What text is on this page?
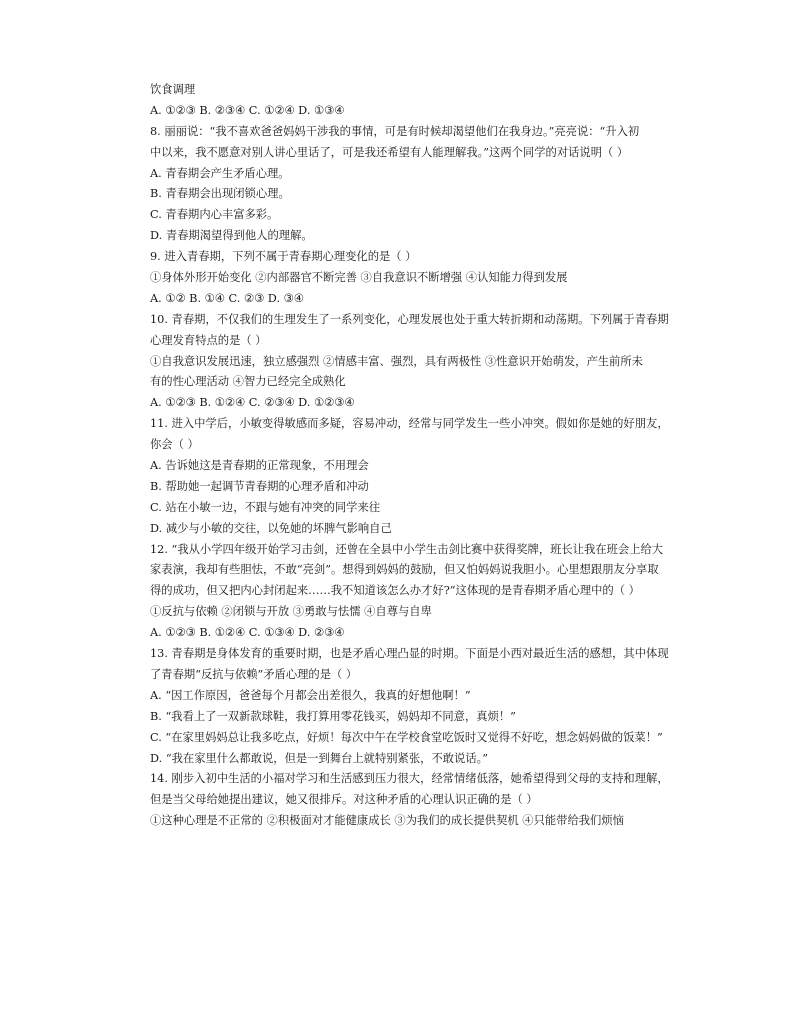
饮食调理
A. ①②③ B. ②③④ C. ①②④ D. ①③④
8. 丽丽说：“我不喜欢爸爸妈妈干涉我的事情，可是有时候却渴望他们在我身边。”亮亮说：“升入初
中以来，我不愿意对别人讲心里话了，可是我还希望有人能理解我。”这两个同学的对话说明（ ）
A. 青春期会产生矛盾心理。
B. 青春期会出现闭锁心理。
C. 青春期内心丰富多彩。
D. 青春期渴望得到他人的理解。
9. 进入青春期，下列不属于青春期心理变化的是（ ）
①身体外形开始变化 ②内部器官不断完善 ③自我意识不断增强 ④认知能力得到发展
A. ①② B. ①④ C. ②③ D. ③④
10. 青春期，不仅我们的生理发生了一系列变化，心理发展也处于重大转折期和动荡期。下列属于青春期
心理发育特点的是（ ）
①自我意识发展迅速，独立感强烈 ②情感丰富、强烈，具有两极性 ③性意识开始萌发，产生前所未
有的性心理活动 ④智力已经完全成熟化
A. ①②③ B. ①②④ C. ②③④ D. ①②③④
11. 进入中学后，小敏变得敏感而多疑，容易冲动，经常与同学发生一些小冲突。假如你是她的好朋友，
你会（ ）
A. 告诉她这是青春期的正常现象，不用理会
B. 帮助她一起调节青春期的心理矛盾和冲动
C. 站在小敏一边，不跟与她有冲突的同学来往
D. 减少与小敏的交往，以免她的坏脾气影响自己
12. “我从小学四年级开始学习击剑，还曾在全县中小学生击剑比赛中获得奖牌，班长让我在班会上给大
家表演，我却有些胆怯，不敢“亮剑”。想得到妈妈的鼓励，但又怕妈妈说我胆小。心里想跟朋友分享取
得的成功，但又把内心封闭起来……我不知道该怎么办才好?”这体现的是青春期矛盾心理中的（ ）
①反抗与依赖 ②闭锁与开放 ③勇敢与怯懦 ④自尊与自卑
A. ①②③ B. ①②④ C. ①③④ D. ②③④
13. 青春期是身体发育的重要时期，也是矛盾心理凸显的时期。下面是小西对最近生活的感想，其中体现
了青春期“反抗与依赖”矛盾心理的是（ ）
A. “因工作原因，爸爸每个月都会出差很久，我真的好想他啊！”
B. “我看上了一双新款球鞋，我打算用零花钱买，妈妈却不同意，真烦！”
C. “在家里妈妈总让我多吃点，好烦！每次中午在学校食堂吃饭时又觉得不好吃，想念妈妈做的饭菜！”
D. “我在家里什么都敢说，但是一到舞台上就特别紧张，不敢说话。”
14. 刚步入初中生活的小福对学习和生活感到压力很大，经常情绪低落，她希望得到父母的支持和理解，
但是当父母给她提出建议，她又很排斥。对这种矛盾的心理认识正确的是（ ）
①这种心理是不正常的 ②积极面对才能健康成长 ③为我们的成长提供契机 ④只能带给我们烦恼
